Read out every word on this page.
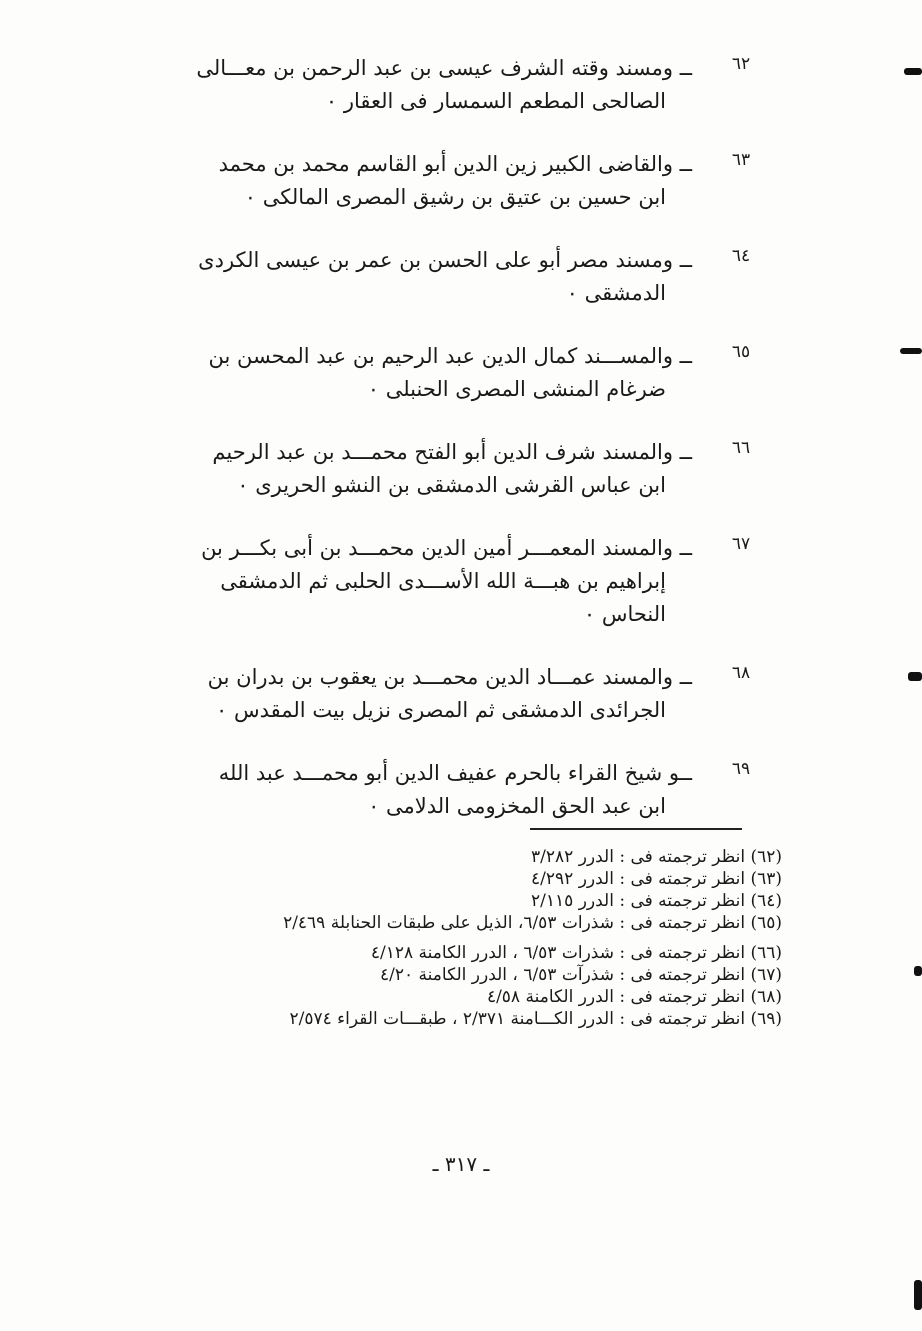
٦٢
ــ ومسند وقته الشرف عيسى بن عبد الرحمن بن معـــالى
الصالحى المطعم السمسار فى العقار ٠
٦٣
ــ والقاضى الكبير زين الدين أبو القاسم محمد بن محمد
ابن حسين بن عتيق بن رشيق المصرى المالكى ٠
٦٤
ــ ومسند مصر أبو على الحسن بن عمر بن عيسى الكردى
الدمشقى ٠
٦٥
ــ والمســـند كمال الدين عبد الرحيم بن عبد المحسن بن
ضرغام المنشى المصرى الحنبلى ٠
٦٦
ــ والمسند شرف الدين أبو الفتح محمـــد بن عبد الرحيم
ابن عباس القرشى الدمشقى بن النشو الحريرى ٠
٦٧
ــ والمسند المعمـــر أمين الدين محمـــد بن أبى بكـــر بن
إبراهيم بن هبـــة الله الأســـدى الحلبى ثم الدمشقى
النحاس ٠
٦٨
ــ والمسند عمـــاد الدين محمـــد بن يعقوب بن بدران بن
الجرائدى الدمشقى ثم المصرى نزيل بيت المقدس ٠
٦٩
ــو شيخ القراء بالحرم عفيف الدين أبو محمـــد عبد الله
ابن عبد الحق المخزومى الدلامى ٠
(٦٢) انظر ترجمته فى : الدرر ٣/٢٨٢
(٦٣) انظر ترجمته فى : الدرر ٤/٢٩٢
(٦٤) انظر ترجمته فى : الدرر ٢/١١٥
(٦٥) انظر ترجمته فى : شذرات ٦/٥٣، الذيل على طبقات الحنابلة ٢/٤٦٩
(٦٦) انظر ترجمته فى : شذرات ٦/٥٣ ، الدرر الكامنة ٤/١٢٨
(٦٧) انظر ترجمته فى : شذرآت ٦/٥٣ ، الدرر الكامنة ٤/٢٠
(٦٨) انظر ترجمته فى : الدرر الكامنة ٤/٥٨
(٦٩) انظر ترجمته فى : الدرر الكـــامنة ٢/٣٧١ ، طبقـــات القراء ٢/٥٧٤
ـ ٣١٧ ـ
